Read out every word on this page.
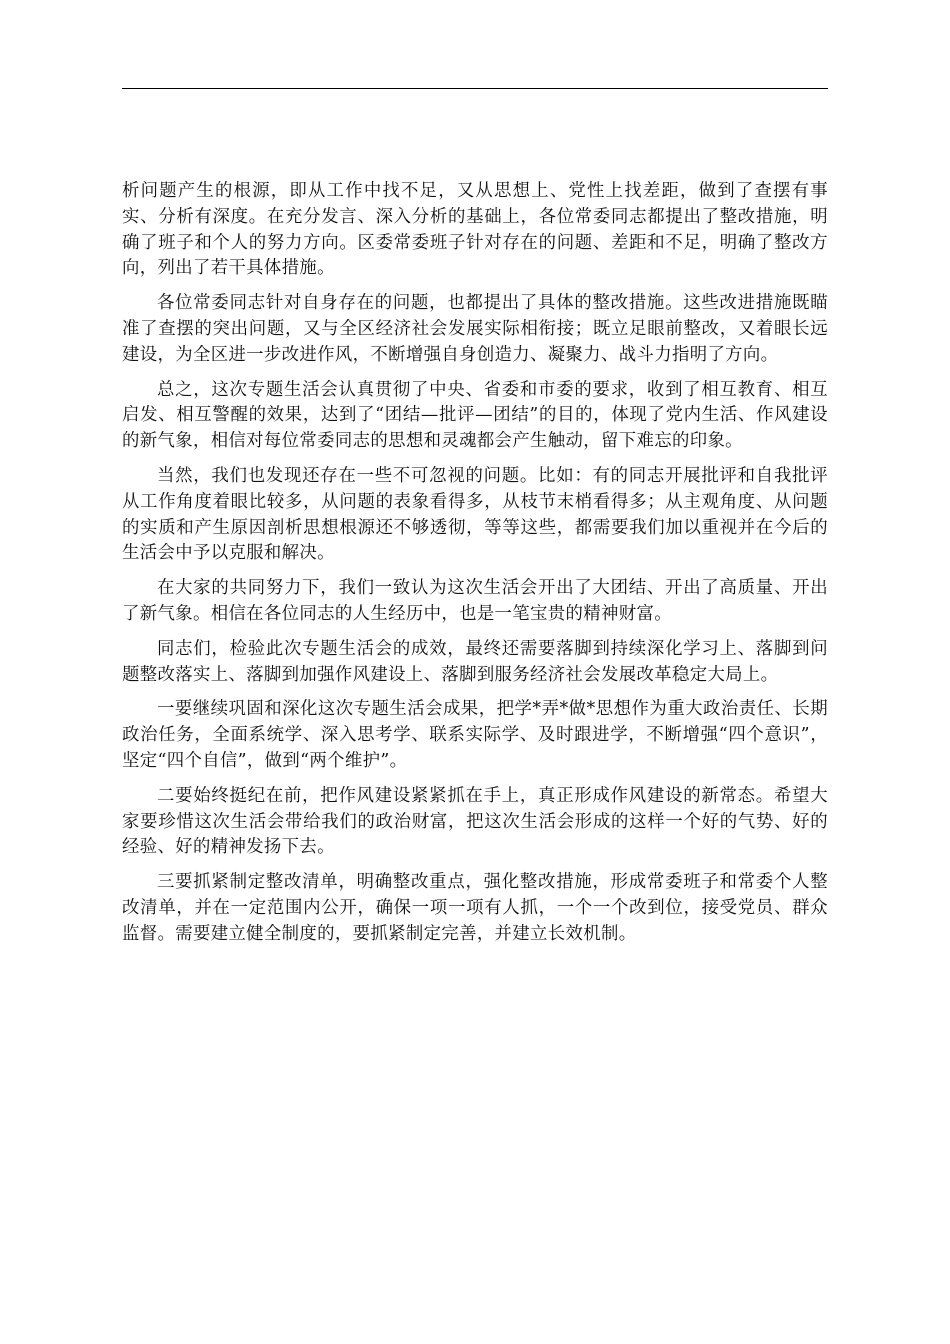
析问题产生的根源，即从工作中找不足，又从思想上、党性上找差距，做到了查摆有事实、分析有深度。在充分发言、深入分析的基础上，各位常委同志都提出了整改措施，明确了班子和个人的努力方向。区委常委班子针对存在的问题、差距和不足，明确了整改方向，列出了若干具体措施。

各位常委同志针对自身存在的问题，也都提出了具体的整改措施。这些改进措施既瞄准了查摆的突出问题，又与全区经济社会发展实际相衔接；既立足眼前整改，又着眼长远建设，为全区进一步改进作风，不断增强自身创造力、凝聚力、战斗力指明了方向。

总之，这次专题生活会认真贯彻了中央、省委和市委的要求，收到了相互教育、相互启发、相互警醒的效果，达到了“团结—批评—团结”的目的，体现了党内生活、作风建设的新气象，相信对每位常委同志的思想和灵魂都会产生触动，留下难忘的印象。

当然，我们也发现还存在一些不可忽视的问题。比如：有的同志开展批评和自我批评从工作角度着眼比较多，从问题的表象看得多，从枝节末梢看得多；从主观角度、从问题的实质和产生原因剖析思想根源还不够透彻，等等这些，都需要我们加以重视并在今后的生活会中予以克服和解决。

在大家的共同努力下，我们一致认为这次生活会开出了大团结、开出了高质量、开出了新气象。相信在各位同志的人生经历中，也是一笔宝贵的精神财富。

同志们，检验此次专题生活会的成效，最终还需要落脚到持续深化学习上、落脚到问题整改落实上、落脚到加强作风建设上、落脚到服务经济社会发展改革稳定大局上。

一要继续巩固和深化这次专题生活会成果，把学*弄*做*思想作为重大政治责任、长期政治任务，全面系统学、深入思考学、联系实际学、及时跟进学，不断增强“四个意识”，坚定“四个自信”，做到“两个维护”。

二要始终挺纪在前，把作风建设紧紧抓在手上，真正形成作风建设的新常态。希望大家要珍惜这次生活会带给我们的政治财富，把这次生活会形成的这样一个好的气势、好的经验、好的精神发扬下去。

三要抓紧制定整改清单，明确整改重点，强化整改措施，形成常委班子和常委个人整改清单，并在一定范围内公开，确保一项一项有人抓，一个一个改到位，接受党员、群众监督。需要建立健全制度的，要抓紧制定完善，并建立长效机制。
